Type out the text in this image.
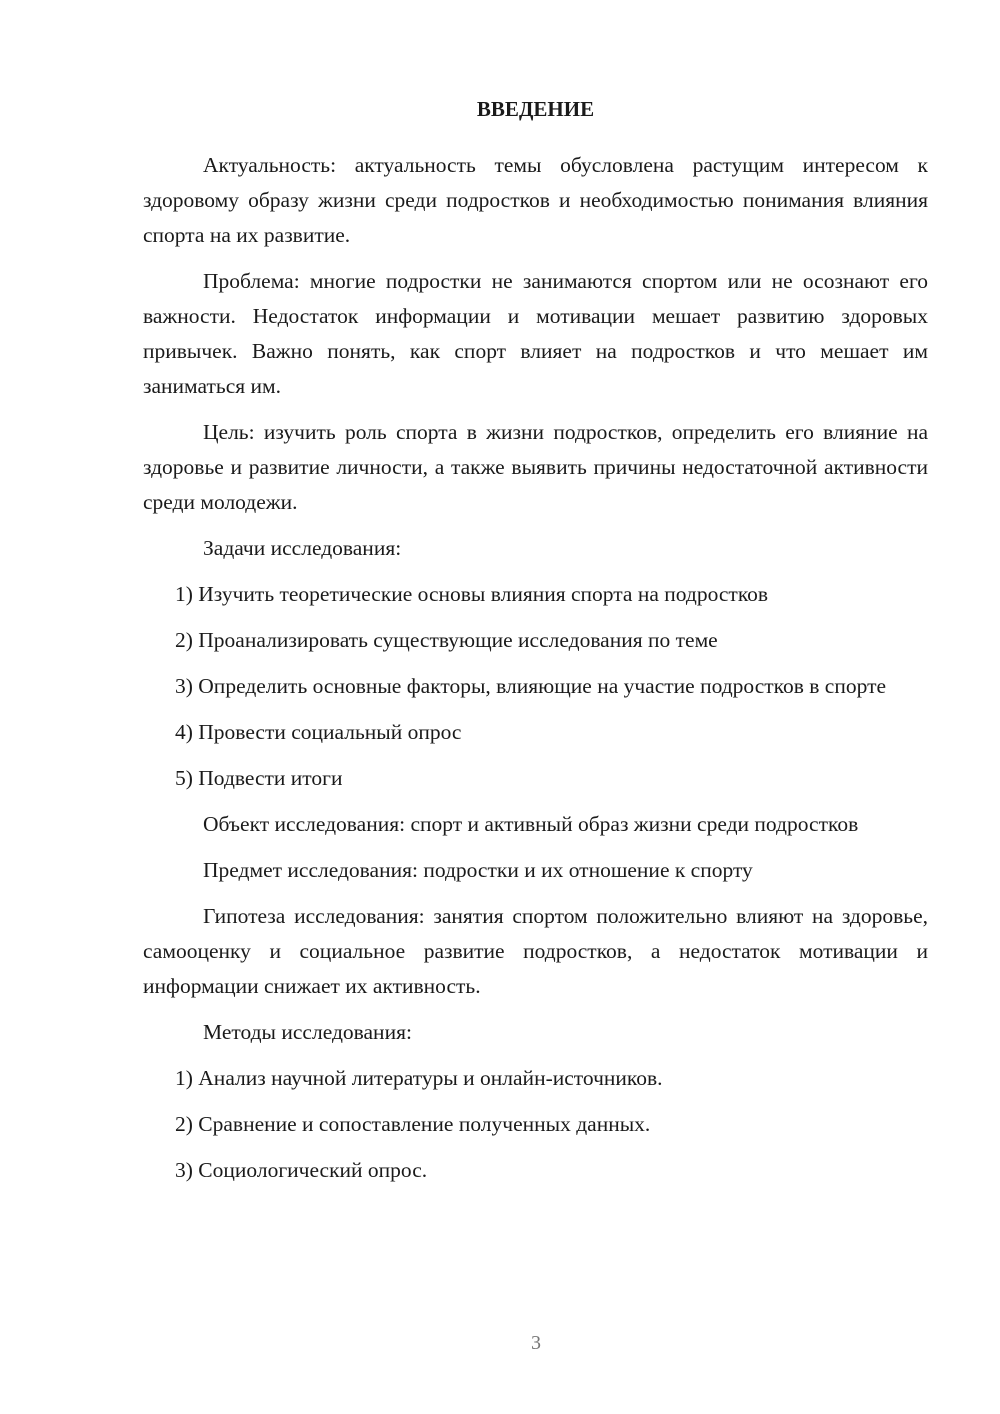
ВВЕДЕНИЕ

Актуальность: актуальность темы обусловлена растущим интересом к здоровому образу жизни среди подростков и необходимостью понимания влияния спорта на их развитие.

Проблема: многие подростки не занимаются спортом или не осознают его важности. Недостаток информации и мотивации мешает развитию здоровых привычек. Важно понять, как спорт влияет на подростков и что мешает им заниматься им.

Цель: изучить роль спорта в жизни подростков, определить его влияние на здоровье и развитие личности, а также выявить причины недостаточной активности среди молодежи.

Задачи исследования:

1) Изучить теоретические основы влияния спорта на подростков

2) Проанализировать существующие исследования по теме

3) Определить основные факторы, влияющие на участие подростков в спорте

4) Провести социальный опрос

5) Подвести итоги

Объект исследования: спорт и активный образ жизни среди подростков

Предмет исследования: подростки и их отношение к спорту

Гипотеза исследования: занятия спортом положительно влияют на здоровье, самооценку и социальное развитие подростков, а недостаток мотивации и информации снижает их активность.

Методы исследования:

1) Анализ научной литературы и онлайн-источников.

2) Сравнение и сопоставление полученных данных.

3) Социологический опрос.

3
